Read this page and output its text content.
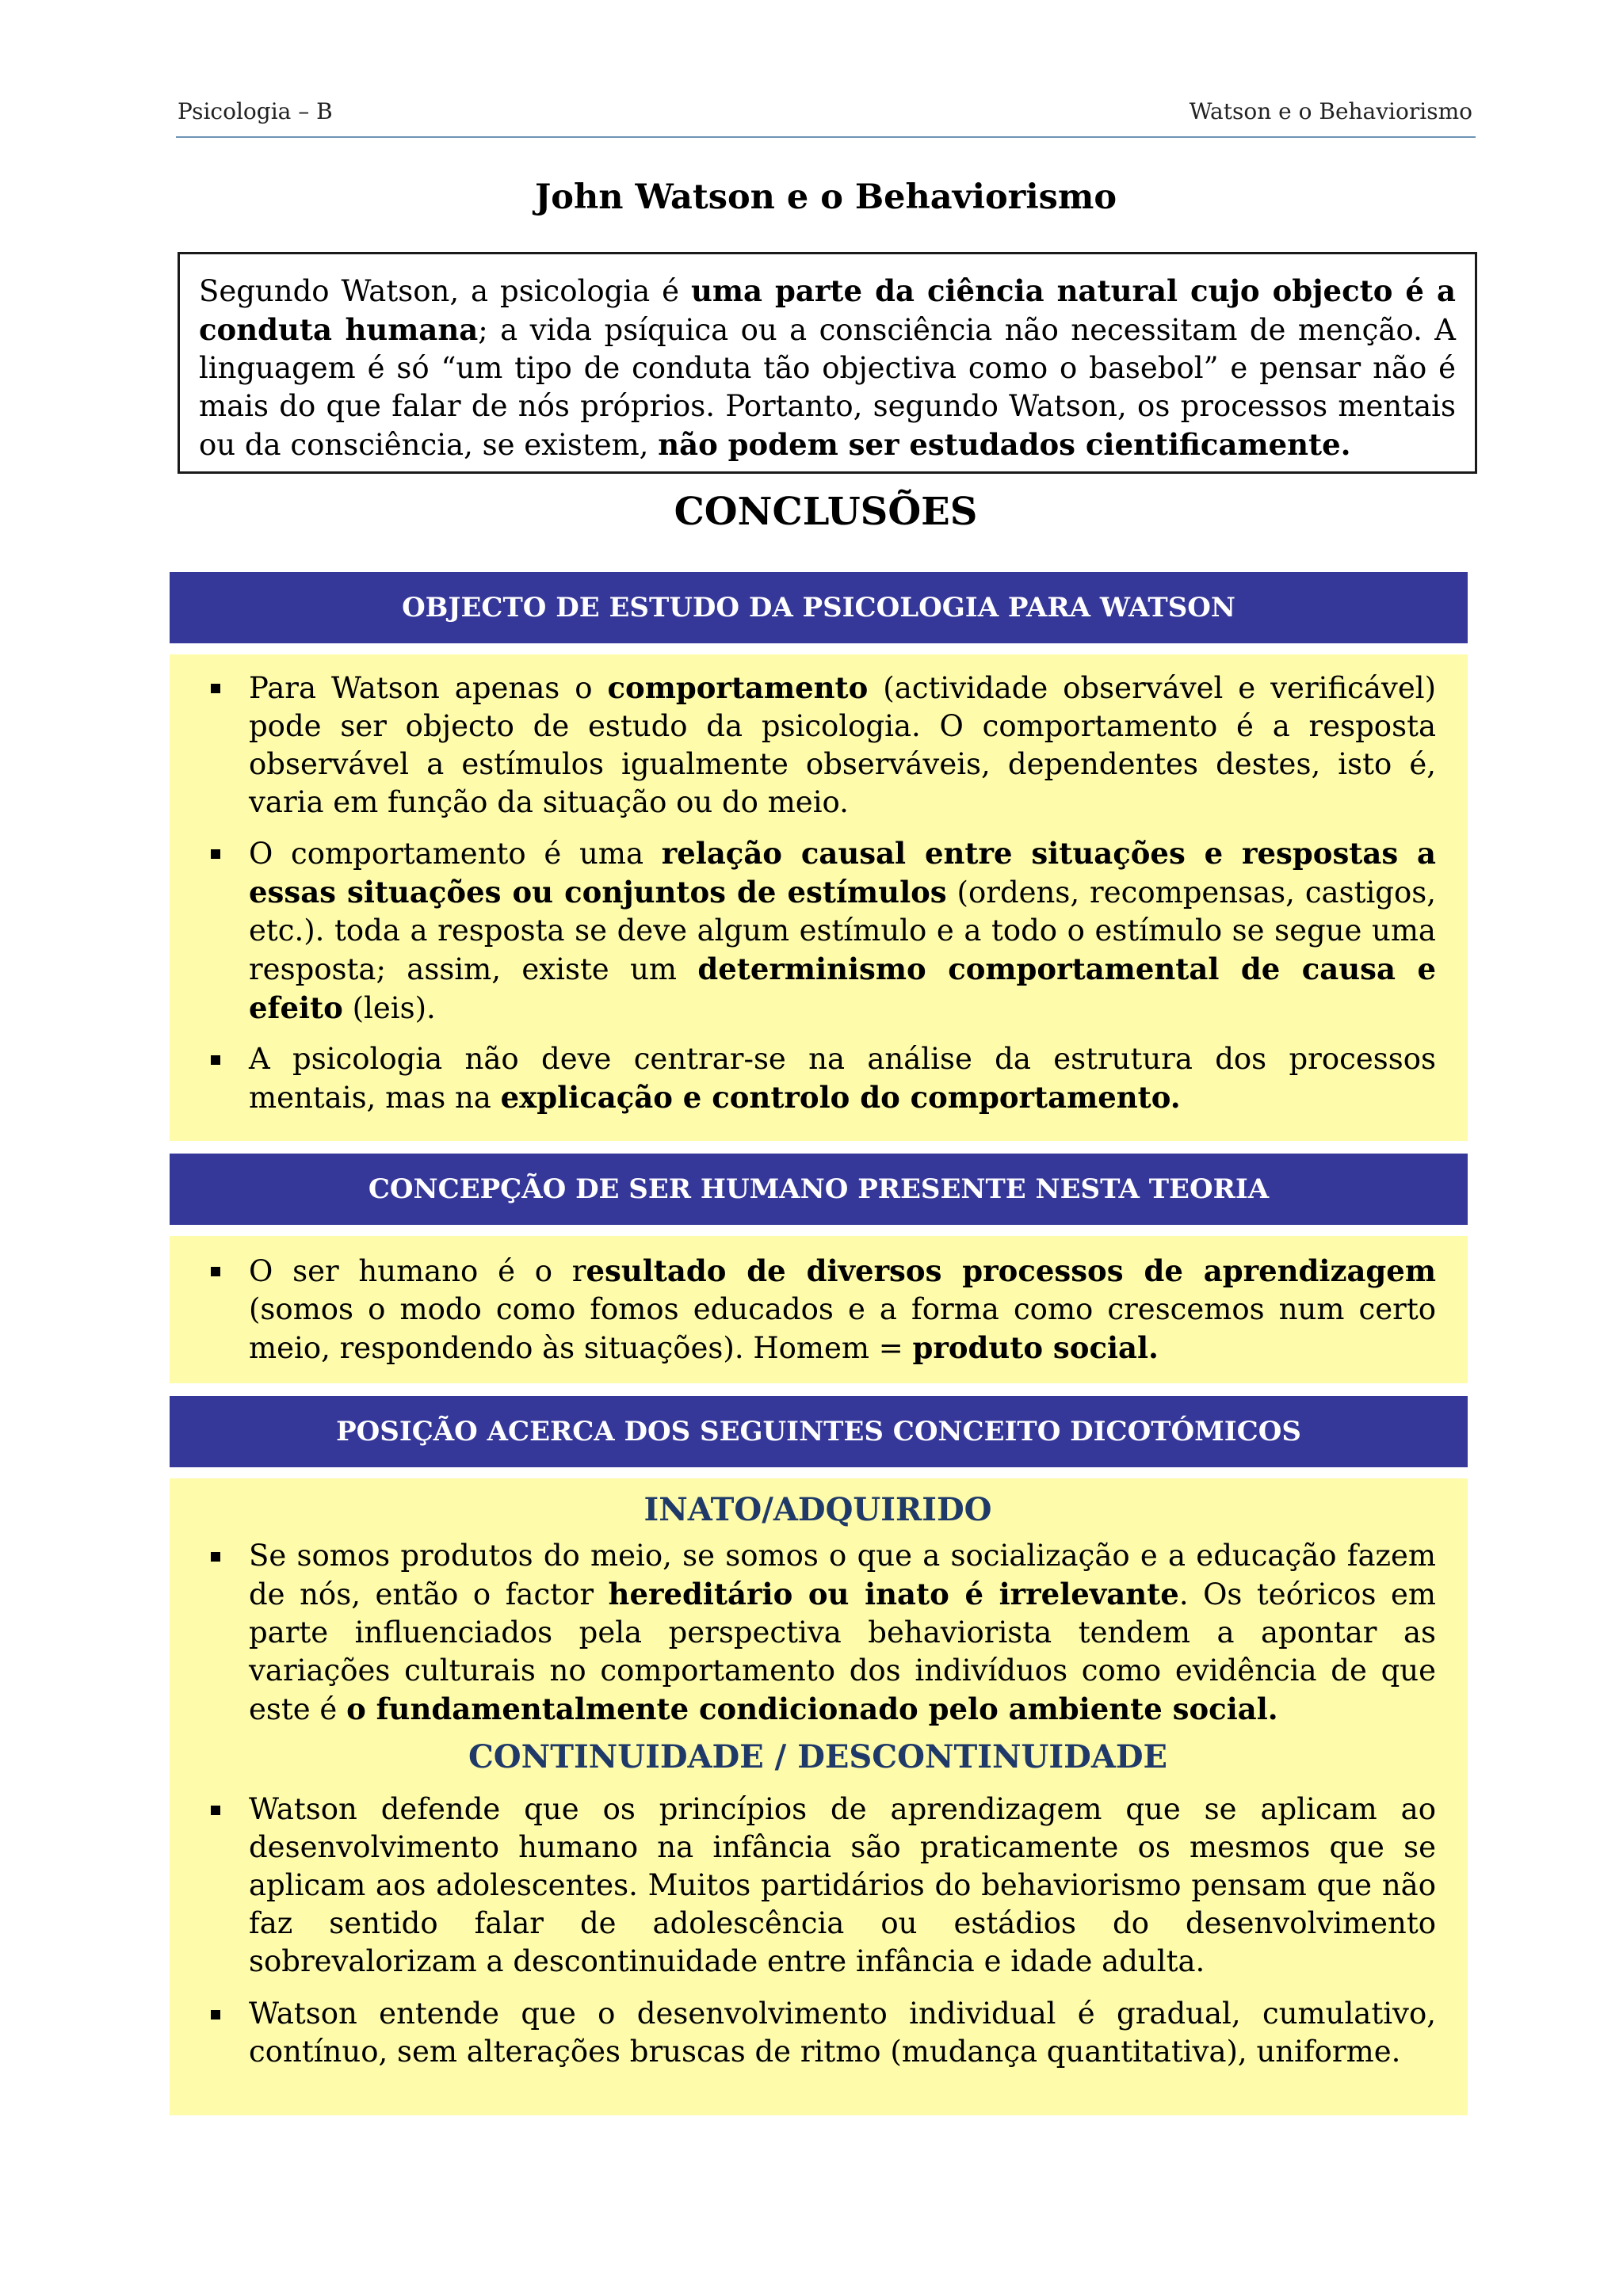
Psicologia – B	Watson e o Behaviorismo
John Watson e o Behaviorismo
Segundo Watson, a psicologia é uma parte da ciência natural cujo objecto é a conduta humana; a vida psíquica ou a consciência não necessitam de menção. A linguagem é só “um tipo de conduta tão objectiva como o basebol” e pensar não é mais do que falar de nós próprios. Portanto, segundo Watson, os processos mentais ou da consciência, se existem, não podem ser estudados cientificamente.
CONCLUSÕES
OBJECTO DE ESTUDO DA PSICOLOGIA PARA WATSON
Para Watson apenas o comportamento (actividade observável e verificável) pode ser objecto de estudo da psicologia. O comportamento é a resposta observável a estímulos igualmente observáveis, dependentes destes, isto é, varia em função da situação ou do meio.
O comportamento é uma relação causal entre situações e respostas a essas situações ou conjuntos de estímulos (ordens, recompensas, castigos, etc.). toda a resposta se deve algum estímulo e a todo o estímulo se segue uma resposta; assim, existe um determinismo comportamental de causa e efeito (leis).
A psicologia não deve centrar-se na análise da estrutura dos processos mentais, mas na explicação e controlo do comportamento.
CONCEPÇÃO DE SER HUMANO PRESENTE NESTA TEORIA
O ser humano é o resultado de diversos processos de aprendizagem (somos o modo como fomos educados e a forma como crescemos num certo meio, respondendo às situações). Homem = produto social.
POSIÇÃO ACERCA DOS SEGUINTES CONCEITO DICOTÓMICOS
INATO/ADQUIRIDO
Se somos produtos do meio, se somos o que a socialização e a educação fazem de nós, então o factor hereditário ou inato é irrelevante. Os teóricos em parte influenciados pela perspectiva behaviorista tendem a apontar as variações culturais no comportamento dos indivíduos como evidência de que este é o fundamentalmente condicionado pelo ambiente social.
CONTINUIDADE / DESCONTINUIDADE
Watson defende que os princípios de aprendizagem que se aplicam ao desenvolvimento humano na infância são praticamente os mesmos que se aplicam aos adolescentes. Muitos partidários do behaviorismo pensam que não faz sentido falar de adolescência ou estádios do desenvolvimento sobrevalorizam a descontinuidade entre infância e idade adulta.
Watson entende que o desenvolvimento individual é gradual, cumulativo, contínuo, sem alterações bruscas de ritmo (mudança quantitativa), uniforme.
